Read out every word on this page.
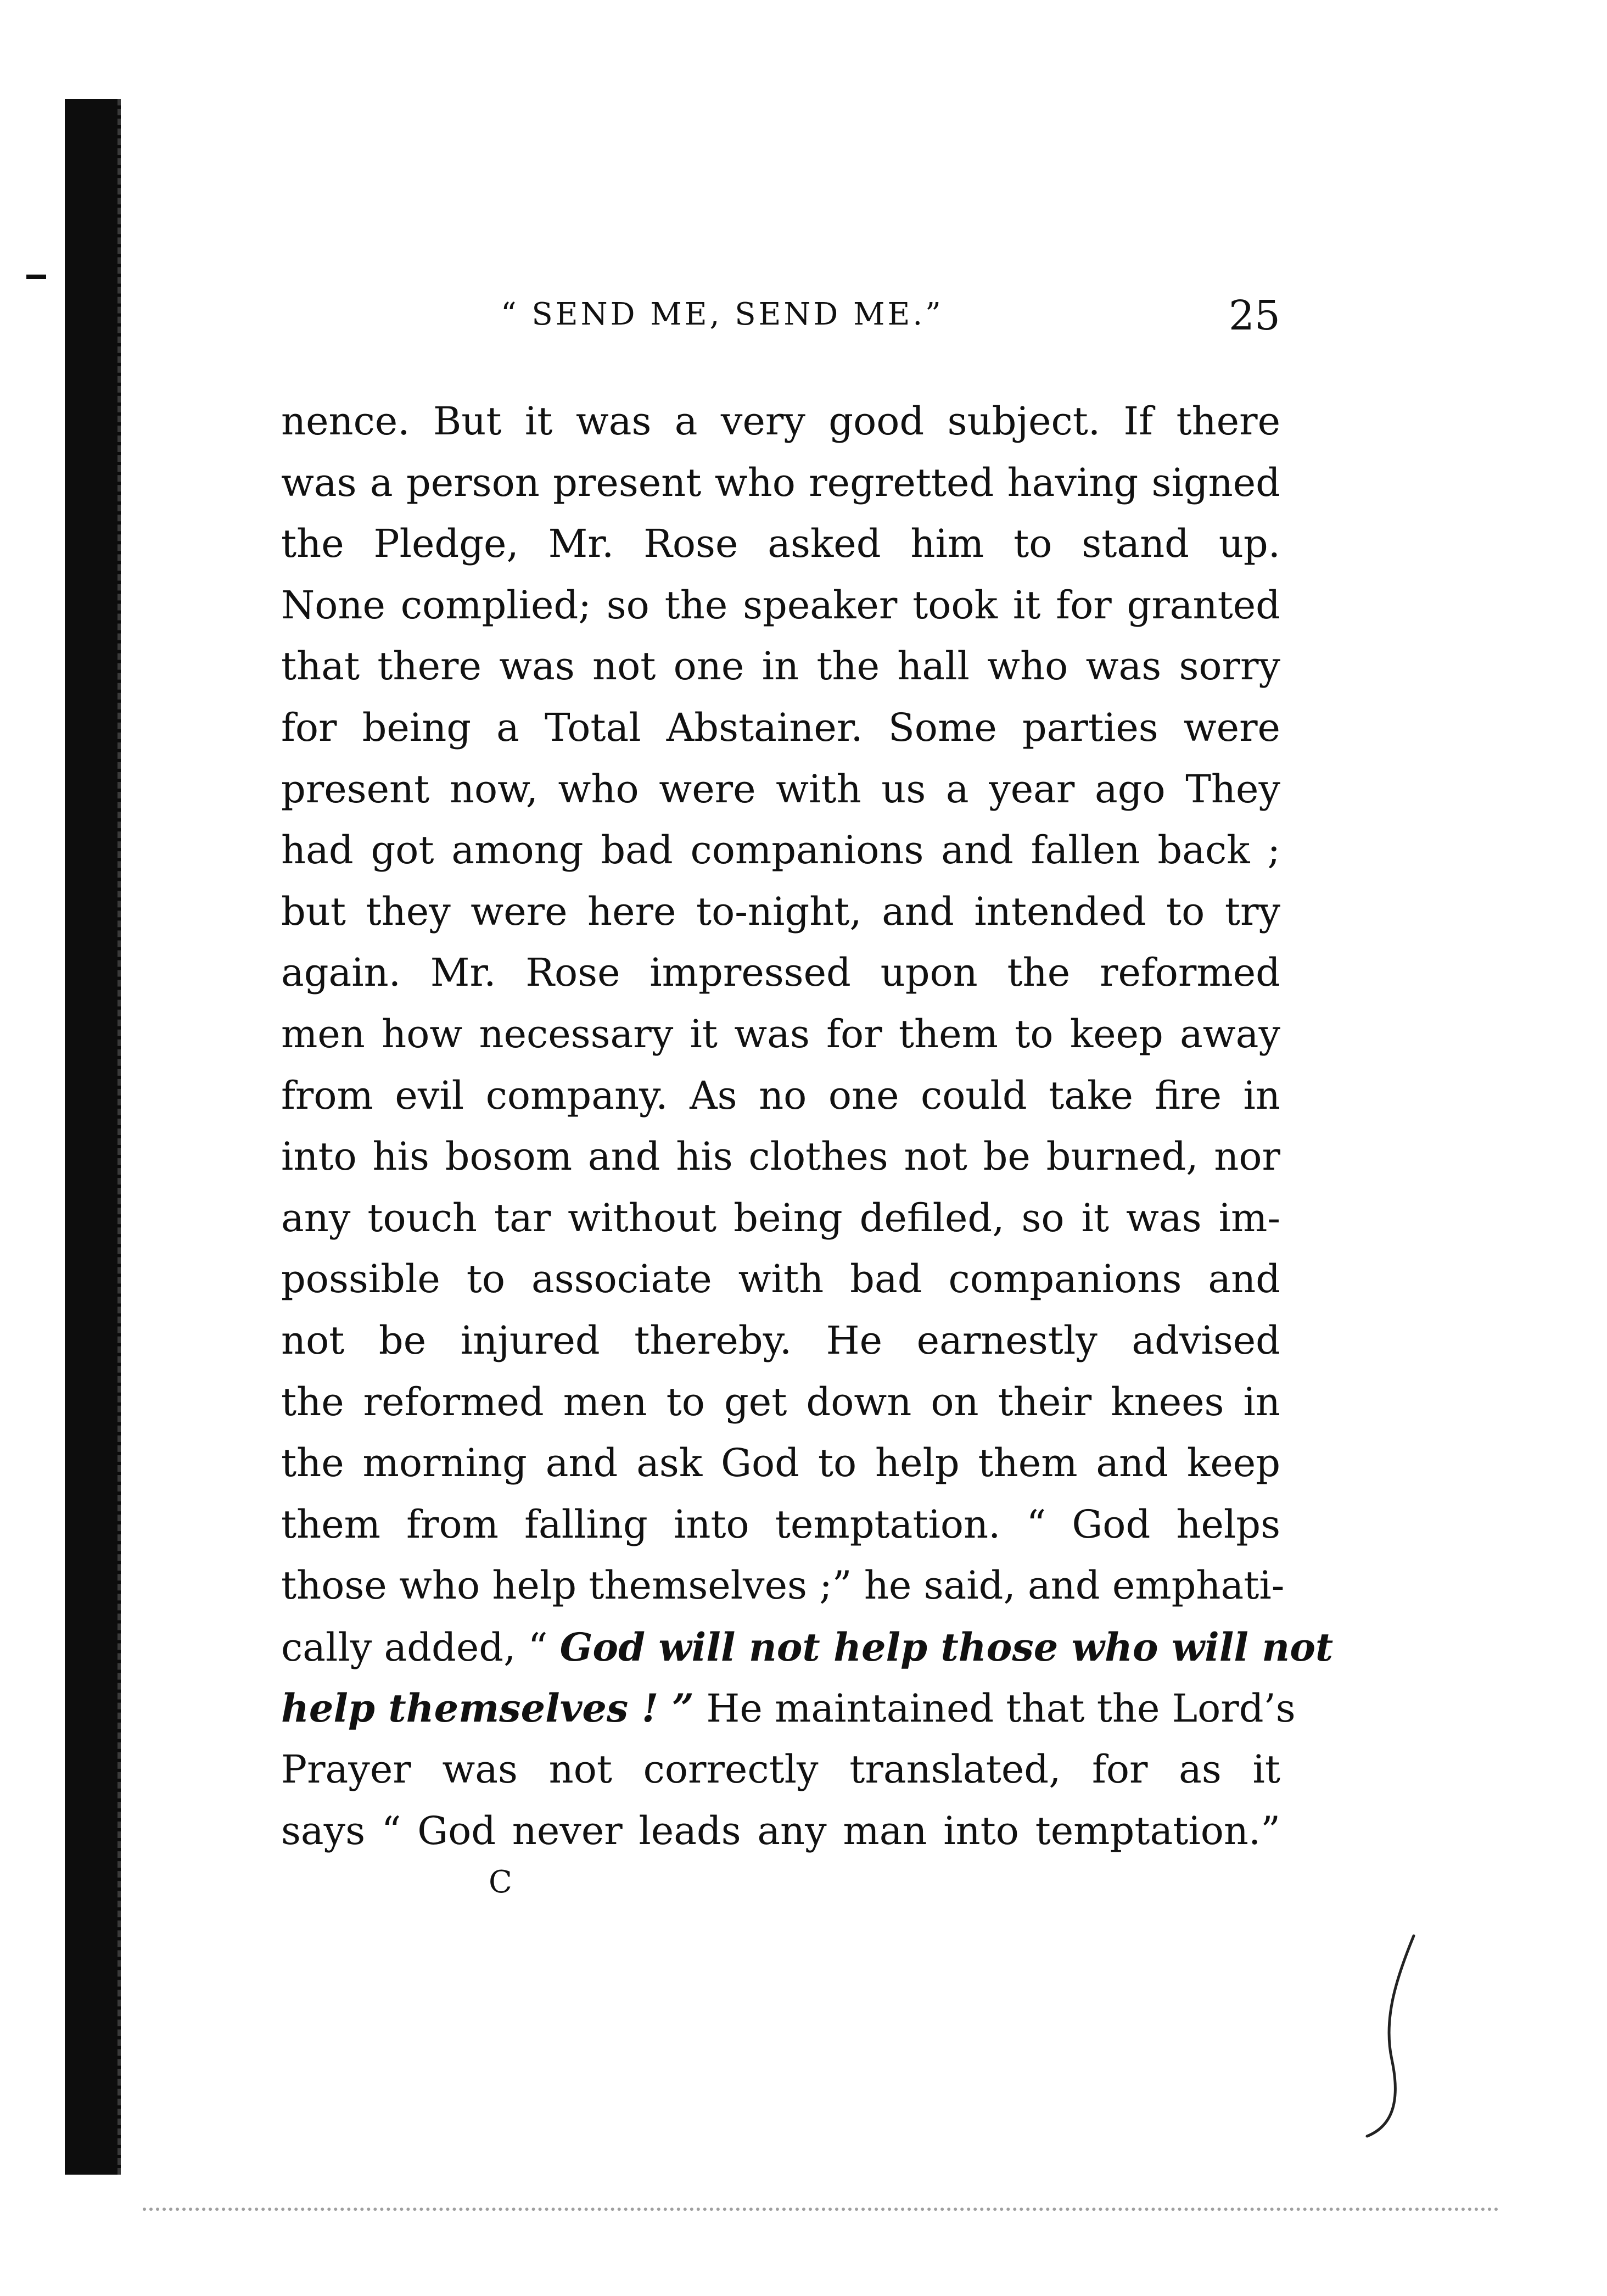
“ SEND ME, SEND ME.”	25
nence. But it was a very good subject. If there
was a person present who regretted having signed
the Pledge, Mr. Rose asked him to stand up.
None complied; so the speaker took it for granted
that there was not one in the hall who was sorry
for being a Total Abstainer. Some parties were
present now, who were with us a year ago They
had got among bad companions and fallen back ;
but they were here to-night, and intended to try
again. Mr. Rose impressed upon the reformed
men how necessary it was for them to keep away
from evil company. As no one could take fire in
into his bosom and his clothes not be burned, nor
any touch tar without being defiled, so it was im-
possible to associate with bad companions and
not be injured thereby. He earnestly advised
the reformed men to get down on their knees in
the morning and ask God to help them and keep
them from falling into temptation. “ God helps
those who help themselves ;” he said, and emphati-
cally added, “ God will not help those who will not
help themselves ! ” He maintained that the Lord’s
Prayer was not correctly translated, for as it
says “ God never leads any man into temptation.”
C
